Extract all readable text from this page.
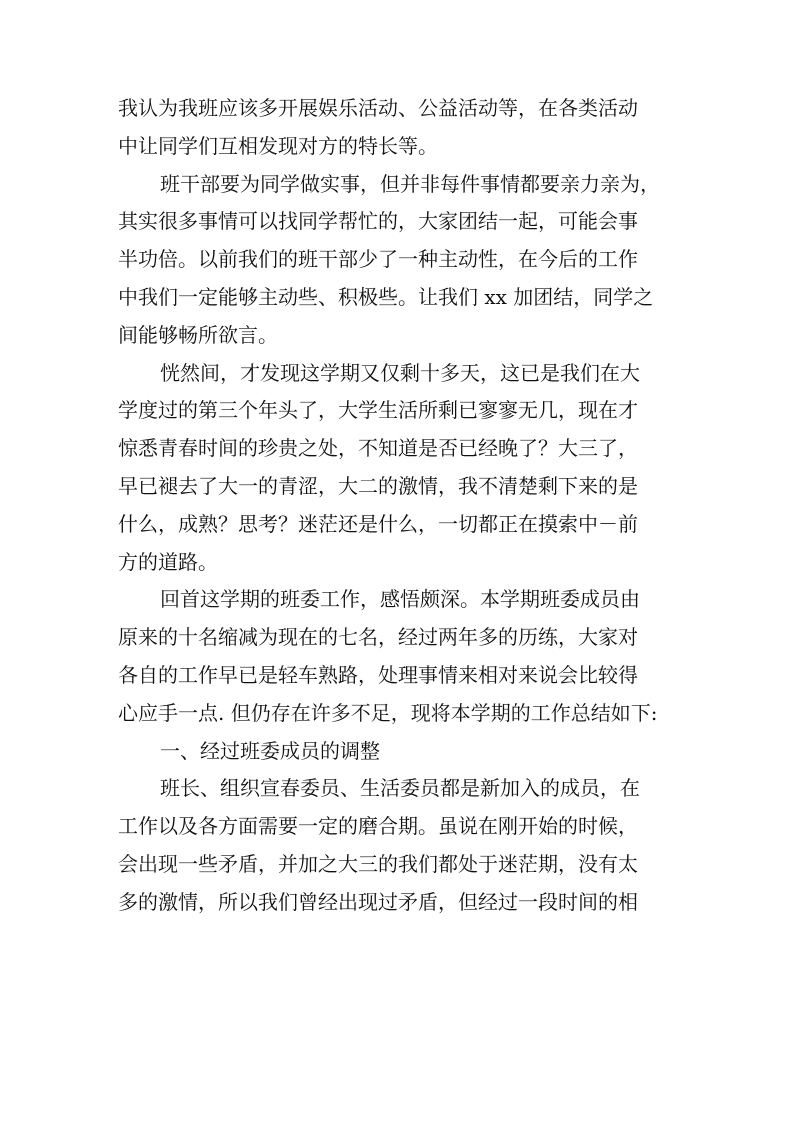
我认为我班应该多开展娱乐活动、公益活动等，在各类活动
中让同学们互相发现对方的特长等。
班干部要为同学做实事，但并非每件事情都要亲力亲为，
其实很多事情可以找同学帮忙的，大家团结一起，可能会事
半功倍。以前我们的班干部少了一种主动性，在今后的工作
中我们一定能够主动些、积极些。让我们 xx 加团结，同学之
间能够畅所欲言。
恍然间，才发现这学期又仅剩十多天，这已是我们在大
学度过的第三个年头了，大学生活所剩已寥寥无几，现在才
惊悉青春时间的珍贵之处，不知道是否已经晚了？大三了，
早已褪去了大一的青涩，大二的激情，我不清楚剩下来的是
什么，成熟？思考？迷茫还是什么，一切都正在摸索中－前
方的道路。
回首这学期的班委工作，感悟颇深。本学期班委成员由
原来的十名缩减为现在的七名，经过两年多的历练，大家对
各自的工作早已是轻车熟路，处理事情来相对来说会比较得
心应手一点. 但仍存在许多不足，现将本学期的工作总结如下:
一、经过班委成员的调整
班长、组织宣春委员、生活委员都是新加入的成员，在
工作以及各方面需要一定的磨合期。虽说在刚开始的时候，
会出现一些矛盾，并加之大三的我们都处于迷茫期，没有太
多的激情，所以我们曾经出现过矛盾，但经过一段时间的相
